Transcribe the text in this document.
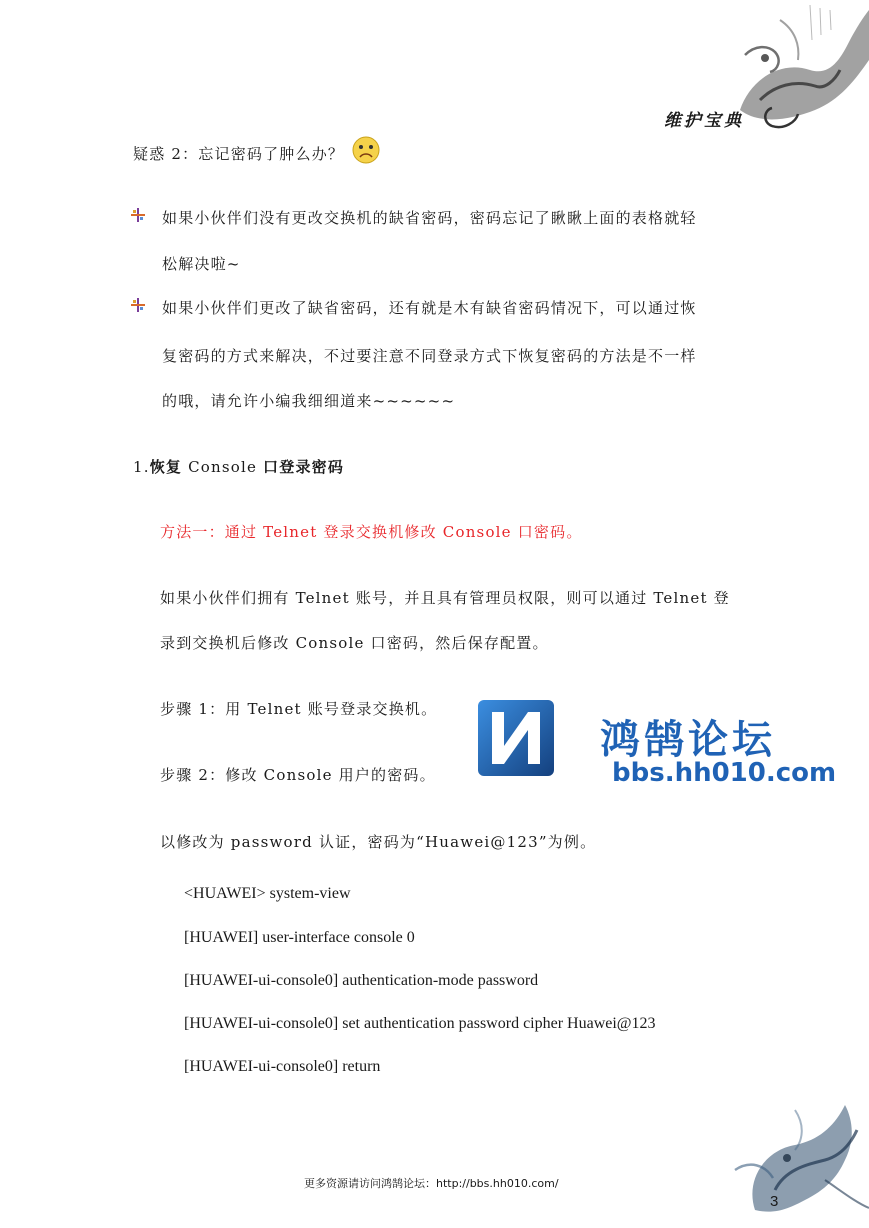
维护宝典
疑惑 2：忘记密码了肿么办？
如果小伙伴们没有更改交换机的缺省密码，密码忘记了瞅瞅上面的表格就轻
松解决啦~
如果小伙伴们更改了缺省密码，还有就是木有缺省密码情况下，可以通过恢
复密码的方式来解决，不过要注意不同登录方式下恢复密码的方法是不一样
的哦，请允许小编我细细道来~~~~~~
1.恢复 Console 口登录密码
方法一：通过 Telnet 登录交换机修改 Console 口密码。
如果小伙伴们拥有 Telnet 账号，并且具有管理员权限，则可以通过 Telnet 登
录到交换机后修改 Console 口密码，然后保存配置。
步骤 1：用 Telnet 账号登录交换机。
步骤 2：修改 Console 用户的密码。
鸿鹄论坛
bbs.hh010.com
以修改为 password 认证，密码为“Huawei@123”为例。
<HUAWEI> system-view
[HUAWEI] user-interface console 0
[HUAWEI-ui-console0] authentication-mode password
[HUAWEI-ui-console0] set authentication password cipher Huawei@123
[HUAWEI-ui-console0] return
更多资源请访问鸿鹄论坛：http://bbs.hh010.com/
3
